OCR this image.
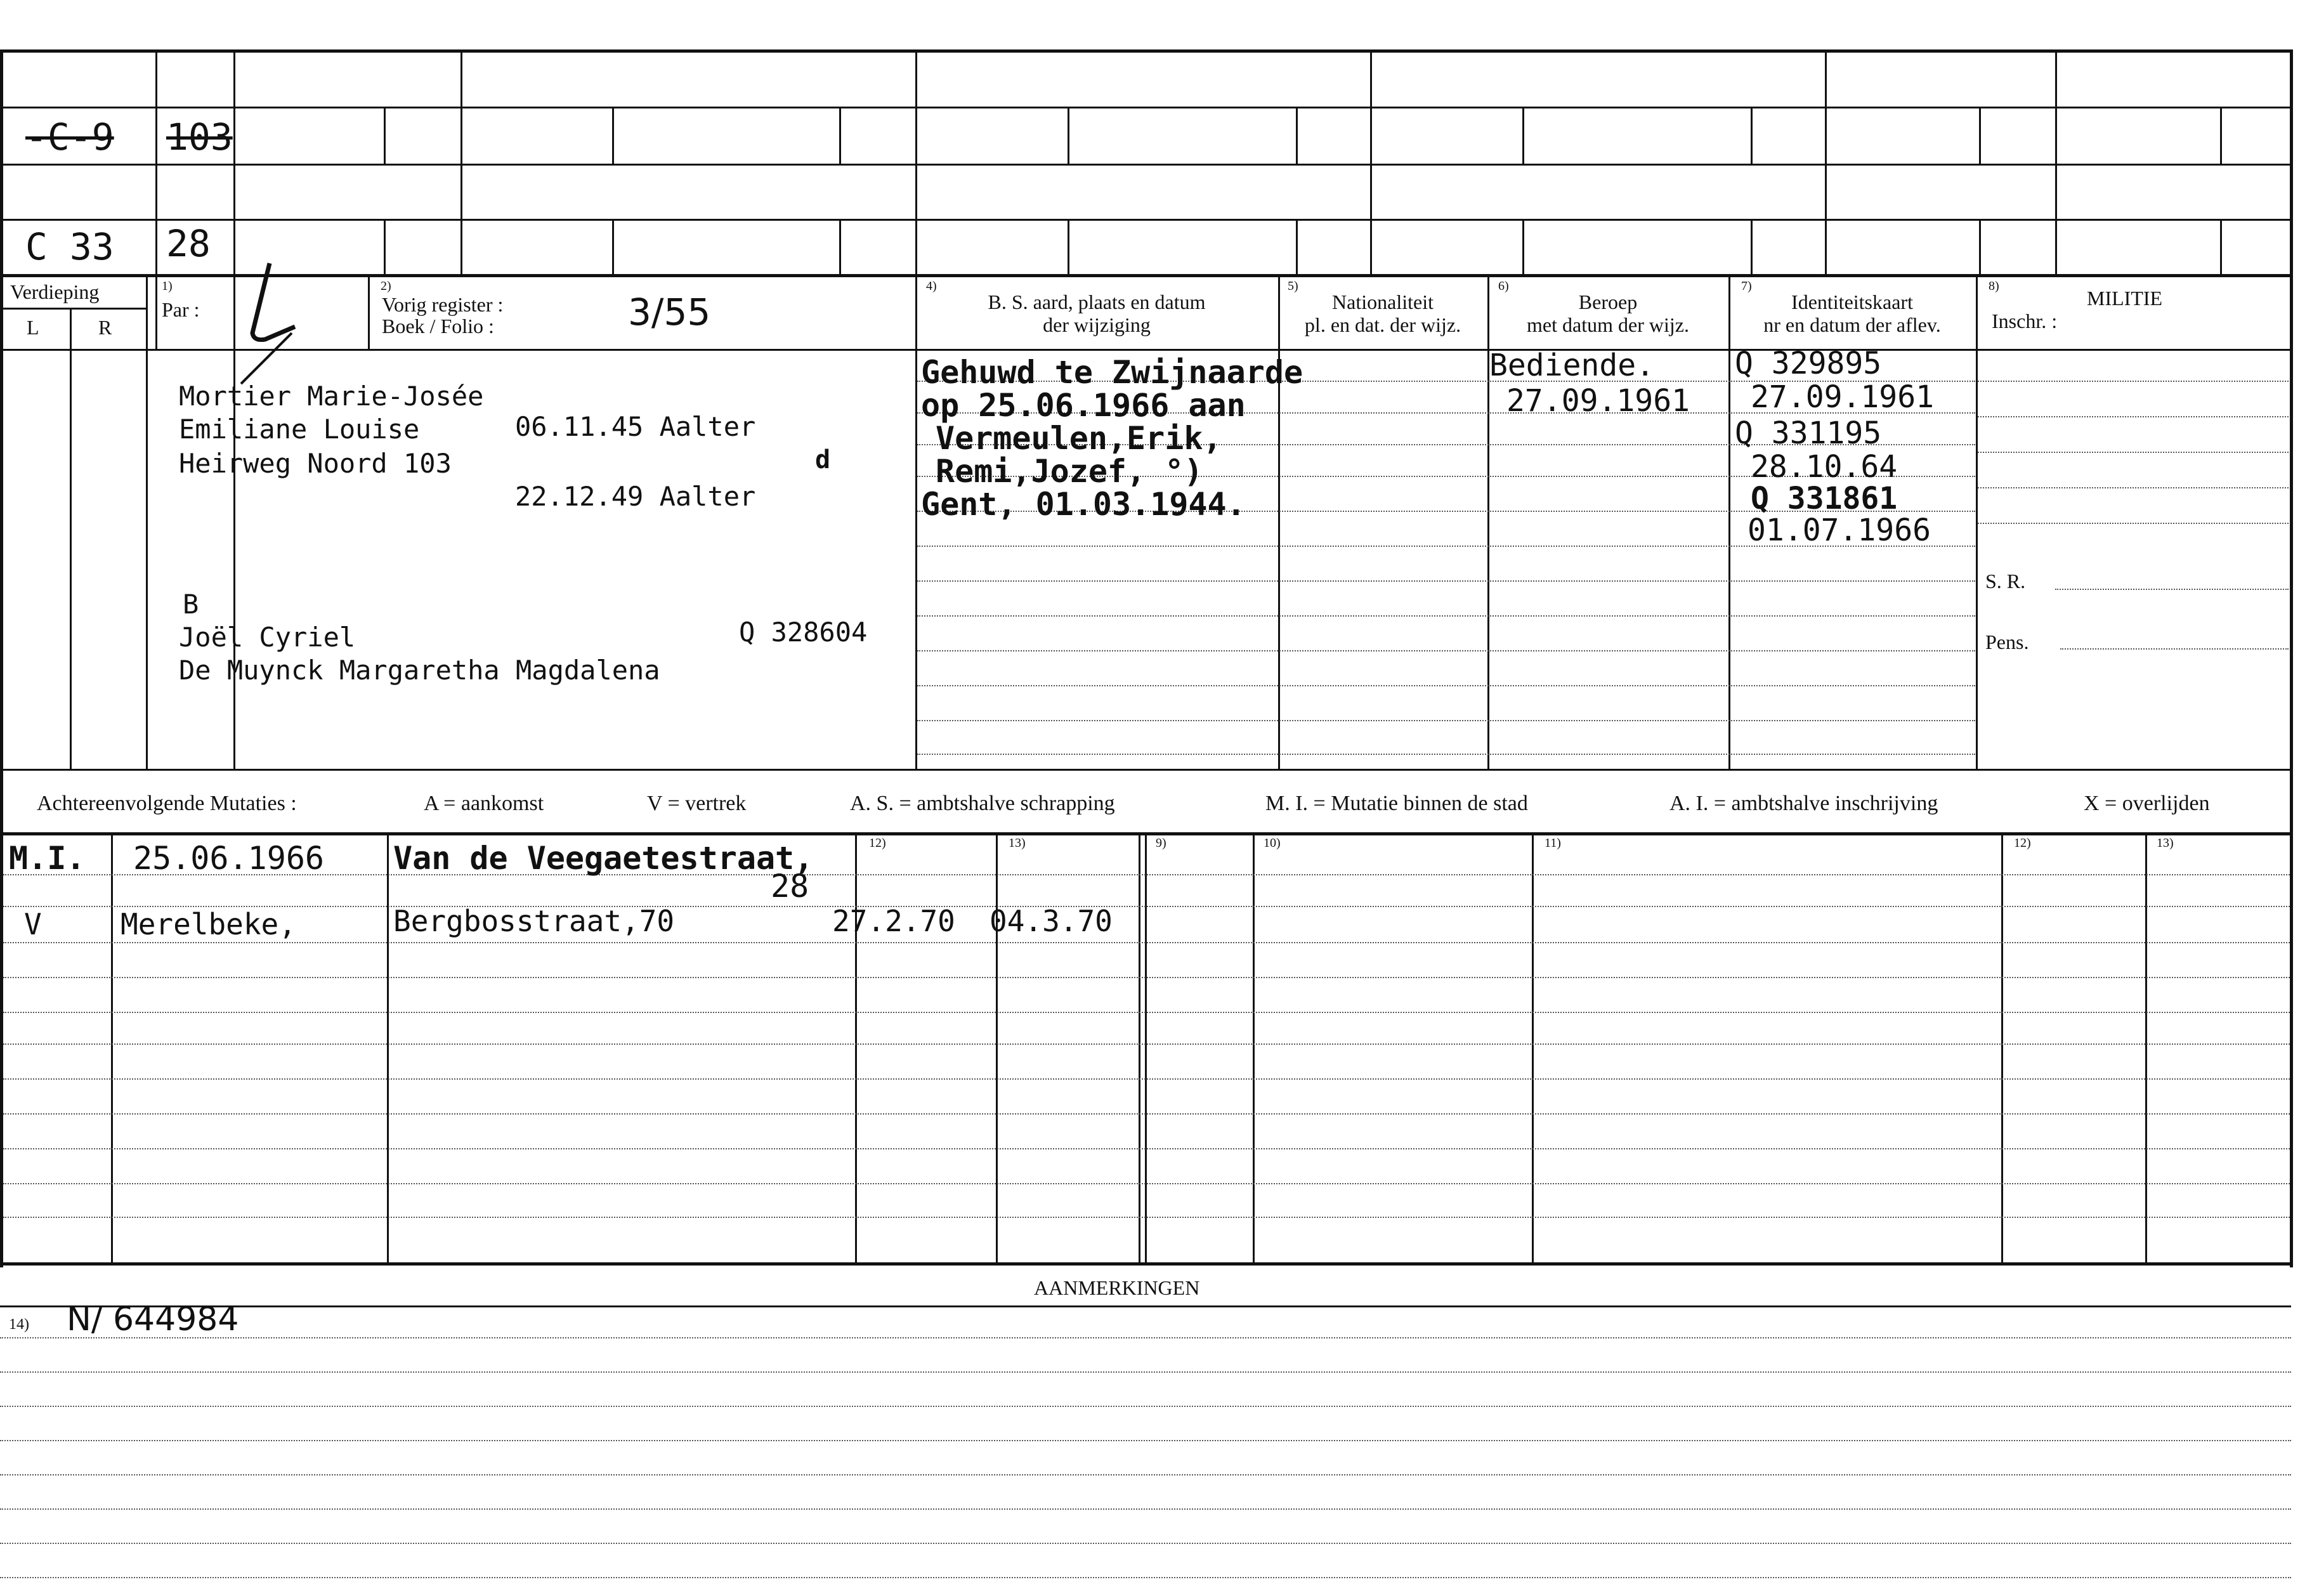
-C-9 103
C 33 28
Verdieping
L	R
1)
Par :
2)
Vorig register :
Boek / Folio :	3/55
4)
B. S. aard, plaats en datum
der wijziging
5)
Nationaliteit
pl. en dat. der wijz.
6)
Beroep
met datum der wijz.
7)
Identiteitskaart
nr en datum der aflev.
8)
MILITIE
Inschr. :
S. R.
Pens.
Mortier Marie-Josée
Emiliane Louise
Heirweg Noord 103
06.11.45 Aalter
22.12.49 Aalter
d
B
Joël Cyriel
De Muynck Margaretha Magdalena
Q 328604
Gehuwd te Zwijnaarde
op 25.06.1966 aan
Vermeulen,Erik,
Remi,Jozef, °)
Gent, 01.03.1944.
Bediende.
27.09.1961
Q 329895
27.09.1961
Q 331195
28.10.64
Q 331861
01.07.1966
Achtereenvolgende Mutaties :	A = aankomst	V = vertrek	A. S. = ambtshalve schrapping	M. I. = Mutatie binnen de stad	A. I. = ambtshalve inschrijving	X = overlijden
12)	13)	9)	10)	11)	12)	13)
M.I. 25.06.1966 Van de Veegaetestraat,
28
V	Merelbeke,	Bergbosstraat,70	27.2.70 04.3.70
AANMERKINGEN
14) N/ 644984
